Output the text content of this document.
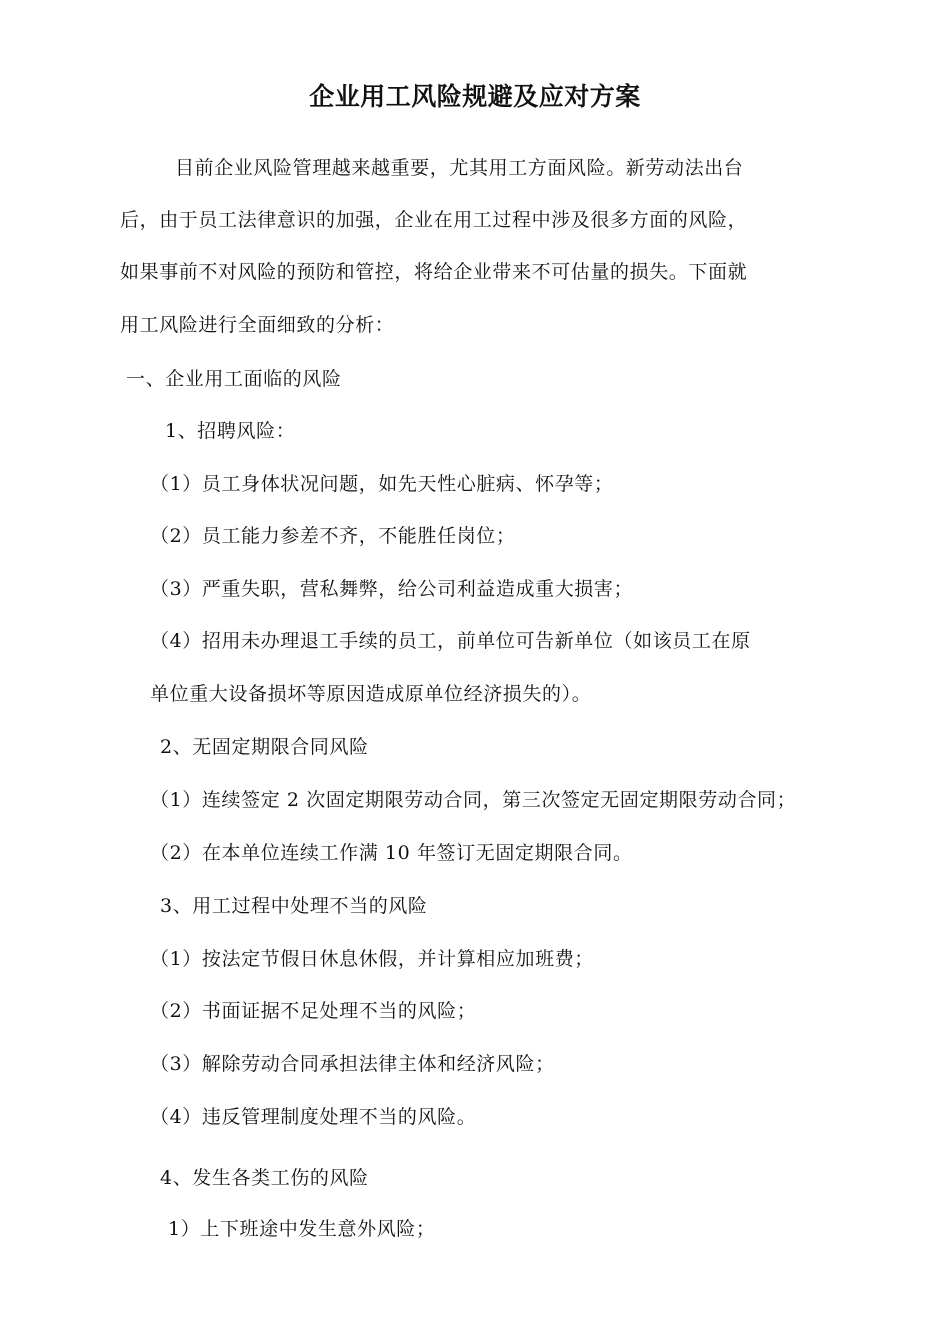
企业用工风险规避及应对方案
目前企业风险管理越来越重要，尤其用工方面风险。新劳动法出台
后，由于员工法律意识的加强，企业在用工过程中涉及很多方面的风险，
如果事前不对风险的预防和管控，将给企业带来不可估量的损失。下面就
用工风险进行全面细致的分析：
一、企业用工面临的风险
1、招聘风险：
（1）员工身体状况问题，如先天性心脏病、怀孕等；
（2）员工能力参差不齐，不能胜任岗位；
（3）严重失职，营私舞弊，给公司利益造成重大损害；
（4）招用未办理退工手续的员工，前单位可告新单位（如该员工在原
单位重大设备损坏等原因造成原单位经济损失的）。
2、无固定期限合同风险
（1）连续签定 2 次固定期限劳动合同，第三次签定无固定期限劳动合同；
（2）在本单位连续工作满 10 年签订无固定期限合同。
3、用工过程中处理不当的风险
（1）按法定节假日休息休假，并计算相应加班费；
（2）书面证据不足处理不当的风险；
（3）解除劳动合同承担法律主体和经济风险；
（4）违反管理制度处理不当的风险。
4、发生各类工伤的风险
1）上下班途中发生意外风险；
